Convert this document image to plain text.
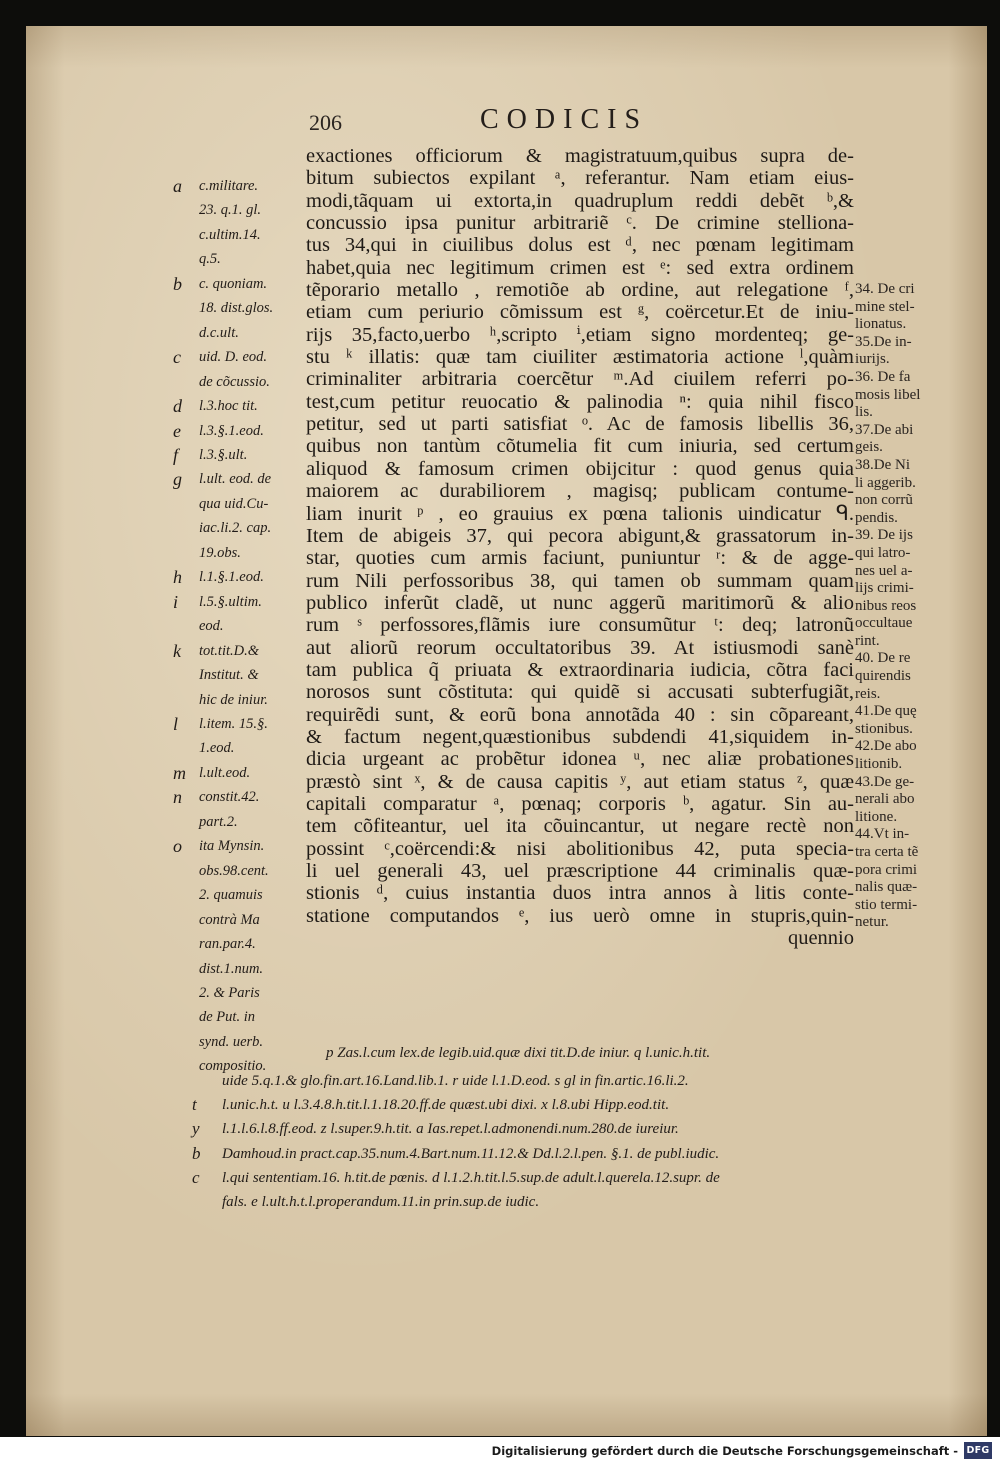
206	CODICIS
a	c.militare.
23. q.1. gl.
c.ultim.14.
q.5.
b	c. quoniam.
18. dist.glos.
d.c.ult.
c	uid. D. eod.
de cõcussio.
d	l.3.hoc tit.
e	l.3.§.1.eod.
f	l.3.§.ult.
g	l.ult. eod. de
qua uid.Cu-
iac.li.2. cap.
19.obs.
h	l.1.§.1.eod.
i	l.5.§.ultim.
eod.
k	tot.tit.D.&
Institut. &
hic de iniur.
l	l.item. 15.§.
1.eod.
m l.ult.eod.
n	constit.42.
part.2.
o	ita Mynsin.
obs.98.cent.
2. quamuis
contrà Ma
ran.par.4.
dist.1.num.
2. & Paris
de Put. in
synd. uerb.
compositio.
exactiones officiorum & magistratuum,quibus supra de-
bitum subiectos expilant ᵃ, referantur. Nam etiam eius-
modi,tãquam ui extorta,in quadruplum reddi debẽt ᵇ,&
concussio ipsa punitur arbitrariẽ ᶜ. De crimine stelliona-
tus 34,qui in ciuilibus dolus est ᵈ, nec pœnam legitimam
habet,quia nec legitimum crimen est ᵉ: sed extra ordinem
tẽporario metallo , remotiõe ab ordine, aut relegatione ᶠ,
etiam cum periurio cõmissum est ᵍ, coërcetur.Et de iniu-
rijs 35,facto,uerbo ʰ,scripto ⁱ,etiam signo mordenteq; ge-
stu ᵏ illatis: quæ tam ciuiliter æstimatoria actione ˡ,quàm
criminaliter arbitraria coercẽtur ᵐ.Ad ciuilem referri po-
test,cum petitur reuocatio & palinodia ⁿ: quia nihil fisco
petitur, sed ut parti satisfiat ᵒ. Ac de famosis libellis 36,
quibus non tantùm cõtumelia fit cum iniuria, sed certum
aliquod & famosum crimen obijcitur : quod genus quia
maiorem ac durabiliorem , magisq; publicam contume-
liam inurit ᵖ , eo grauius ex pœna talionis uindicatur ᑫ.
Item de abigeis 37, qui pecora abigunt,& grassatorum in-
star, quoties cum armis faciunt, puniuntur ʳ: & de agge-
rum Nili perfossoribus 38, qui tamen ob summam quam
publico inferũt cladẽ, ut nunc aggerũ maritimorũ & alio
rum ˢ perfossores,flãmis iure consumũtur ᵗ: deq; latronũ
aut aliorũ reorum occultatoribus 39. At istiusmodi sanè
tam publica q̃ priuata & extraordinaria iudicia, cõtra faci
norosos sunt cõstituta: qui quidẽ si accusati subterfugiãt,
requirẽdi sunt, & eorũ bona annotãda 40 : sin cõpareant,
& factum negent,quæstionibus subdendi 41,siquidem in-
dicia urgeant ac probẽtur idonea ᵘ, nec aliæ probationes
præstò sint ˣ, & de causa capitis ʸ, aut etiam status ᶻ, quæ
capitali comparatur ᵃ, pœnaq; corporis ᵇ, agatur. Sin au-
tem cõfiteantur, uel ita cõuincantur, ut negare rectè non
possint ᶜ,coërcendi:& nisi abolitionibus 42, puta specia-
li uel generali 43, uel præscriptione 44 criminalis quæ-
stionis ᵈ, cuius instantia duos intra annos à litis conte-
statione computandos ᵉ, ius uerò omne in stupris,quin-
quennio
34. De cri
mine stel-
lionatus.
35.De in-
iurijs.
36. De fa
mosis libel
lis.
37.De abi
geis.
38.De Ni
li aggerib.
non corrũ
pendis.
39. De ijs
qui latro-
nes uel a-
lijs crimi-
nibus reos
occultaue
rint.
40. De re
quirendis
reis.
41.De quę
stionibus.
42.De abo
litionib.
43.De ge-
nerali abo
litione.
44.Vt in-
tra certa tẽ
pora crimi
nalis quæ-
stio termi-
netur.
p Zas.l.cum lex.de legib.uid.quæ dixi tit.D.de iniur. q l.unic.h.tit.
uide 5.q.1.& glo.fin.art.16.Land.lib.1. r uide l.1.D.eod. s gl in fin.artic.16.li.2.
t l.unic.h.t. u l.3.4.8.h.tit.l.1.18.20.ff.de quæst.ubi dixi. x l.8.ubi Hipp.eod.tit.
y l.1.l.6.l.8.ff.eod. z l.super.9.h.tit. a Ias.repet.l.admonendi.num.280.de iureiur.
b Damhoud.in pract.cap.35.num.4.Bart.num.11.12.& Dd.l.2.l.pen. §.1. de publ.iudic.
c l.qui sententiam.16. h.tit.de pœnis. d l.1.2.h.tit.l.5.sup.de adult.l.querela.12.supr. de
fals. e l.ult.h.t.l.properandum.11.in prin.sup.de iudic.
Digitalisierung gefördert durch die Deutsche Forschungsgemeinschaft - DFG
